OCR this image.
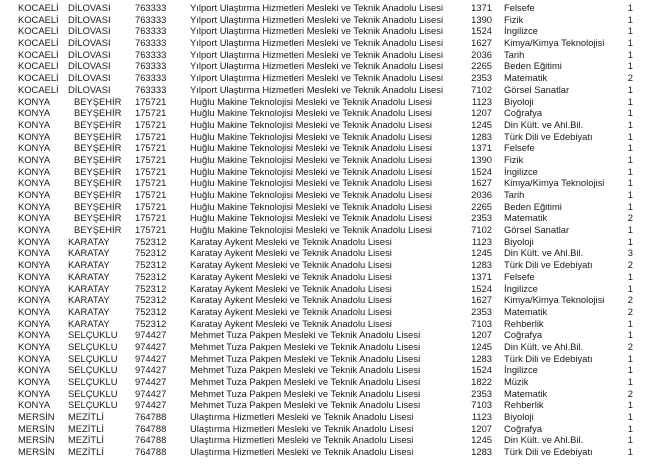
KOCAELİ DİLOVASI	763333	Yılport Ulaştırma Hizmetleri Mesleki ve Teknik Anadolu Lisesi	1371 Felsefe	1
KOCAELİ DİLOVASI	763333	Yılport Ulaştırma Hizmetleri Mesleki ve Teknik Anadolu Lisesi	1390 Fizik	1
KOCAELİ DİLOVASI	763333	Yılport Ulaştırma Hizmetleri Mesleki ve Teknik Anadolu Lisesi	1524 İngilizce	1
KOCAELİ DİLOVASI	763333	Yılport Ulaştırma Hizmetleri Mesleki ve Teknik Anadolu Lisesi	1627 Kimya/Kimya Teknolojisi	1
KOCAELİ DİLOVASI	763333	Yılport Ulaştırma Hizmetleri Mesleki ve Teknik Anadolu Lisesi	2036 Tarih	1
KOCAELİ DİLOVASI	763333	Yılport Ulaştırma Hizmetleri Mesleki ve Teknik Anadolu Lisesi	2265 Beden Eğitimi	1
KOCAELİ DİLOVASI	763333	Yılport Ulaştırma Hizmetleri Mesleki ve Teknik Anadolu Lisesi	2353 Matematik	2
KOCAELİ DİLOVASI	763333	Yılport Ulaştırma Hizmetleri Mesleki ve Teknik Anadolu Lisesi	7102 Görsel Sanatlar	1
KONYA	BEYŞEHİR	175721	Huğlu Makine Teknolojisi Mesleki ve Teknik Anadolu Lisesi	1123 Biyoloji	1
KONYA	BEYŞEHİR	175721	Huğlu Makine Teknolojisi Mesleki ve Teknik Anadolu Lisesi	1207 Coğrafya	1
KONYA	BEYŞEHİR	175721	Huğlu Makine Teknolojisi Mesleki ve Teknik Anadolu Lisesi	1245 Din Kült. ve Ahl.Bil.	1
KONYA	BEYŞEHİR	175721	Huğlu Makine Teknolojisi Mesleki ve Teknik Anadolu Lisesi	1283 Türk Dili ve Edebiyatı	1
KONYA	BEYŞEHİR	175721	Huğlu Makine Teknolojisi Mesleki ve Teknik Anadolu Lisesi	1371 Felsefe	1
KONYA	BEYŞEHİR	175721	Huğlu Makine Teknolojisi Mesleki ve Teknik Anadolu Lisesi	1390 Fizik	1
KONYA	BEYŞEHİR	175721	Huğlu Makine Teknolojisi Mesleki ve Teknik Anadolu Lisesi	1524 İngilizce	1
KONYA	BEYŞEHİR	175721	Huğlu Makine Teknolojisi Mesleki ve Teknik Anadolu Lisesi	1627 Kimya/Kimya Teknolojisi	1
KONYA	BEYŞEHİR	175721	Huğlu Makine Teknolojisi Mesleki ve Teknik Anadolu Lisesi	2036 Tarih	1
KONYA	BEYŞEHİR	175721	Huğlu Makine Teknolojisi Mesleki ve Teknik Anadolu Lisesi	2265 Beden Eğitimi	1
KONYA	BEYŞEHİR	175721	Huğlu Makine Teknolojisi Mesleki ve Teknik Anadolu Lisesi	2353 Matematik	2
KONYA	BEYŞEHİR	175721	Huğlu Makine Teknolojisi Mesleki ve Teknik Anadolu Lisesi	7102 Görsel Sanatlar	1
KONYA	KARATAY	752312	Karatay Aykent Mesleki ve Teknik Anadolu Lisesi	1123 Biyoloji	1
KONYA	KARATAY	752312	Karatay Aykent Mesleki ve Teknik Anadolu Lisesi	1245 Din Kült. ve Ahl.Bil.	3
KONYA	KARATAY	752312	Karatay Aykent Mesleki ve Teknik Anadolu Lisesi	1283 Türk Dili ve Edebiyatı	2
KONYA	KARATAY	752312	Karatay Aykent Mesleki ve Teknik Anadolu Lisesi	1371 Felsefe	1
KONYA	KARATAY	752312	Karatay Aykent Mesleki ve Teknik Anadolu Lisesi	1524 İngilizce	1
KONYA	KARATAY	752312	Karatay Aykent Mesleki ve Teknik Anadolu Lisesi	1627 Kimya/Kimya Teknolojisi	2
KONYA	KARATAY	752312	Karatay Aykent Mesleki ve Teknik Anadolu Lisesi	2353 Matematik	2
KONYA	KARATAY	752312	Karatay Aykent Mesleki ve Teknik Anadolu Lisesi	7103 Rehberlik	1
KONYA	SELÇUKLU	974427	Mehmet Tuza Pakpen Mesleki ve Teknik Anadolu Lisesi	1207 Coğrafya	1
KONYA	SELÇUKLU	974427	Mehmet Tuza Pakpen Mesleki ve Teknik Anadolu Lisesi	1245 Din Kült. ve Ahl.Bil.	2
KONYA	SELÇUKLU	974427	Mehmet Tuza Pakpen Mesleki ve Teknik Anadolu Lisesi	1283 Türk Dili ve Edebiyatı	1
KONYA	SELÇUKLU	974427	Mehmet Tuza Pakpen Mesleki ve Teknik Anadolu Lisesi	1524 İngilizce	1
KONYA	SELÇUKLU	974427	Mehmet Tuza Pakpen Mesleki ve Teknik Anadolu Lisesi	1822 Müzik	1
KONYA	SELÇUKLU	974427	Mehmet Tuza Pakpen Mesleki ve Teknik Anadolu Lisesi	2353 Matematik	2
KONYA	SELÇUKLU	974427	Mehmet Tuza Pakpen Mesleki ve Teknik Anadolu Lisesi	7103 Rehberlik	1
MERSİN	MEZİTLİ	764788	Ulaştırma Hizmetleri Mesleki ve Teknik Anadolu Lisesi	1123 Biyoloji	1
MERSİN	MEZİTLİ	764788	Ulaştırma Hizmetleri Mesleki ve Teknik Anadolu Lisesi	1207 Coğrafya	1
MERSİN	MEZİTLİ	764788	Ulaştırma Hizmetleri Mesleki ve Teknik Anadolu Lisesi	1245 Din Kült. ve Ahl.Bil.	1
MERSİN	MEZİTLİ	764788	Ulaştırma Hizmetleri Mesleki ve Teknik Anadolu Lisesi	1283 Türk Dili ve Edebiyatı	1
